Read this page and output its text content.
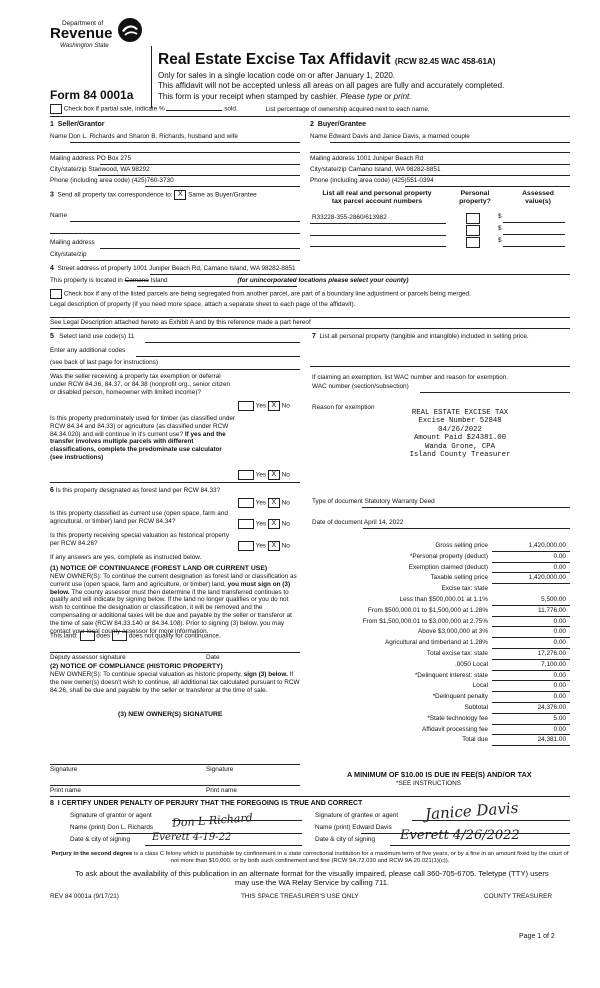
Department of
Revenue
Washington State
Form 84 0001a
Real Estate Excise Tax Affidavit (RCW 82.45 WAC 458-61A)
Only for sales in a single location code on or after January 1, 2020.
This affidavit will not be accepted unless all areas on all pages are fully and accurately completed.
This form is your receipt when stamped by cashier. Please type or print.
Check box if partial sale, indicate %	sold.	List percentage of ownership acquired next to each name.
1 Seller/Grantor
Name Don L. Richards and Sharon B. Richards, husband and wife
Mailing address PO Box 275
City/state/zip Stanwood, WA 98292
Phone (including area code) (425)760-3730
2 Buyer/Grantee
Name Edward Davis and Janice Davis, a married couple
Mailing address 1001 Juniper Beach Rd
City/state/zip Camano Island, WA 98282-8851
Phone (including area code) (425)551-0394
3 Send all property tax correspondence to: X Same as Buyer/Grantee
Name
Mailing address
City/state/zip
List all real and personal property
tax parcel account numbers
Personal
property?
Assessed
value(s)
R33228-355-2860/613982	$
$
$
4 Street address of property 1001 Juniper Beach Rd, Camano Island, WA 98282-8851
This property is located in Camano Island	(for unincorporated locations please select your county)
Check box if any of the listed parcels are being segregated from another parcel, are part of a boundary line adjustment or parcels being merged.
Legal description of property (if you need more space, attach a separate sheet to each page of the affidavit).
See Legal Description attached hereto as Exhibit A and by this reference made a part hereof
5 Select land use code(s) 11
Enter any additional codes
(see back of last page for instructions)
Was the seller receiving a property tax exemption or deferral under RCW 84.36, 84.37, or 84.38 (nonprofit org., senior citizen or disabled person, homeowner with limited income)?
Yes X No
Is this property predominately used for timber (as classified under RCW 84.34 and 84.33) or agriculture (as classified under RCW 84.34.020) and will continue in it's current use? If yes and the transfer involves multiple parcels with different classifications, complete the predominate use calculator (see instructions)
Yes X No
6 Is this property designated as forest land per RCW 84.33?
Yes X No
Is this property classified as current use (open space, farm and agricultural, or timber) land per RCW 84.34?	Yes X No
Is this property receiving special valuation as historical property per RCW 84.26?	Yes X No
If any answers are yes, complete as instructed below.
(1) NOTICE OF CONTINUANCE (FOREST LAND OR CURRENT USE)
NEW OWNER(S): To continue the current designation as forest land or classification as current use (open space, farm and agriculture, or timber) land, you must sign on (3) below. The county assessor must then determine if the land transferred continues to qualify and will indicate by signing below. If the land no longer qualifies or you do not wish to continue the designation or classification, it will be removed and the compensating or additional taxes will be due and payable by the seller or transferor at the time of sale (RCW 84.33.140 or 84.34.108). Prior to signing (3) below, you may contact your local county assessor for more information.
This land:	does	does not qualify for continuance.
Deputy assessor signature	Date
(2) NOTICE OF COMPLIANCE (HISTORIC PROPERTY)
NEW OWNER(S): To continue special valuation as historic property, sign (3) below. If the new owner(s) doesn't wish to continue, all additional tax calculated pursuant to RCW 84.26, shall be due and payable by the seller or transferor at the time of sale.
(3) NEW OWNER(S) SIGNATURE
Signature	Signature
Print name	Print name
7 List all personal property (tangible and intangible) included in selling price.
If claiming an exemption, list WAC number and reason for exemption.
WAC number (section/subsection)
Reason for exemption
REAL ESTATE EXCISE TAX
Excise Number 52848
04/26/2022
Amount Paid $24381.00
Wanda Grone, CPA
Island County Treasurer
Type of document Statutory Warranty Deed
Date of document April 14, 2022
Gross selling price	1,420,000.00
*Personal property (deduct)	0.00
Exemption claimed (deduct)	0.00
Taxable selling price	1,420,000.00
Excise tax: state
Less than $500,000.01 at 1.1%	5,500.00
From $500,000.01 to $1,500,000 at 1.28%	11,776.00
From $1,500,000.01 to $3,000,000 at 2.75%	0.00
Above $3,000,000 at 3%	0.00
Agricultural and timberland at 1.28%	0.00
Total excise tax: state	17,276.00
.0050 Local	7,100.00
*Delinquent interest: state	0.00
Local	0.00
*Delinquent penalty	0.00
Subtotal	24,376.00
*State technology fee	5.00
Affidavit processing fee	0.00
Total due	24,381.00
A MINIMUM OF $10.00 IS DUE IN FEE(S) AND/OR TAX
*SEE INSTRUCTIONS
8 I CERTIFY UNDER PENALTY OF PERJURY THAT THE FOREGOING IS TRUE AND CORRECT
Signature of grantor or agent
Name (print) Don L. Richards
Date & city of signing
Don L Richard
Everett 4-19-22
Signature of grantee or agent
Name (print) Edward Davis
Date & city of signing
Janice Davis
Everett 4/26/2022
Perjury in the second degree is a class C felony which is punishable by confinement in a state correctional institution for a maximum term of five years, or by a fine in an amount fixed by the court of not more than $10,000, or by both such confinement and fine (RCW 9A.72.030 and RCW 9A.20.021(1)(c)).
To ask about the availability of this publication in an alternate format for the visually impaired, please call 360-705-6705. Teletype (TTY) users may use the WA Relay Service by calling 711.
REV 84 0001a (9/17/21)	THIS SPACE TREASURER'S USE ONLY	COUNTY TREASURER
Page 1 of 2
